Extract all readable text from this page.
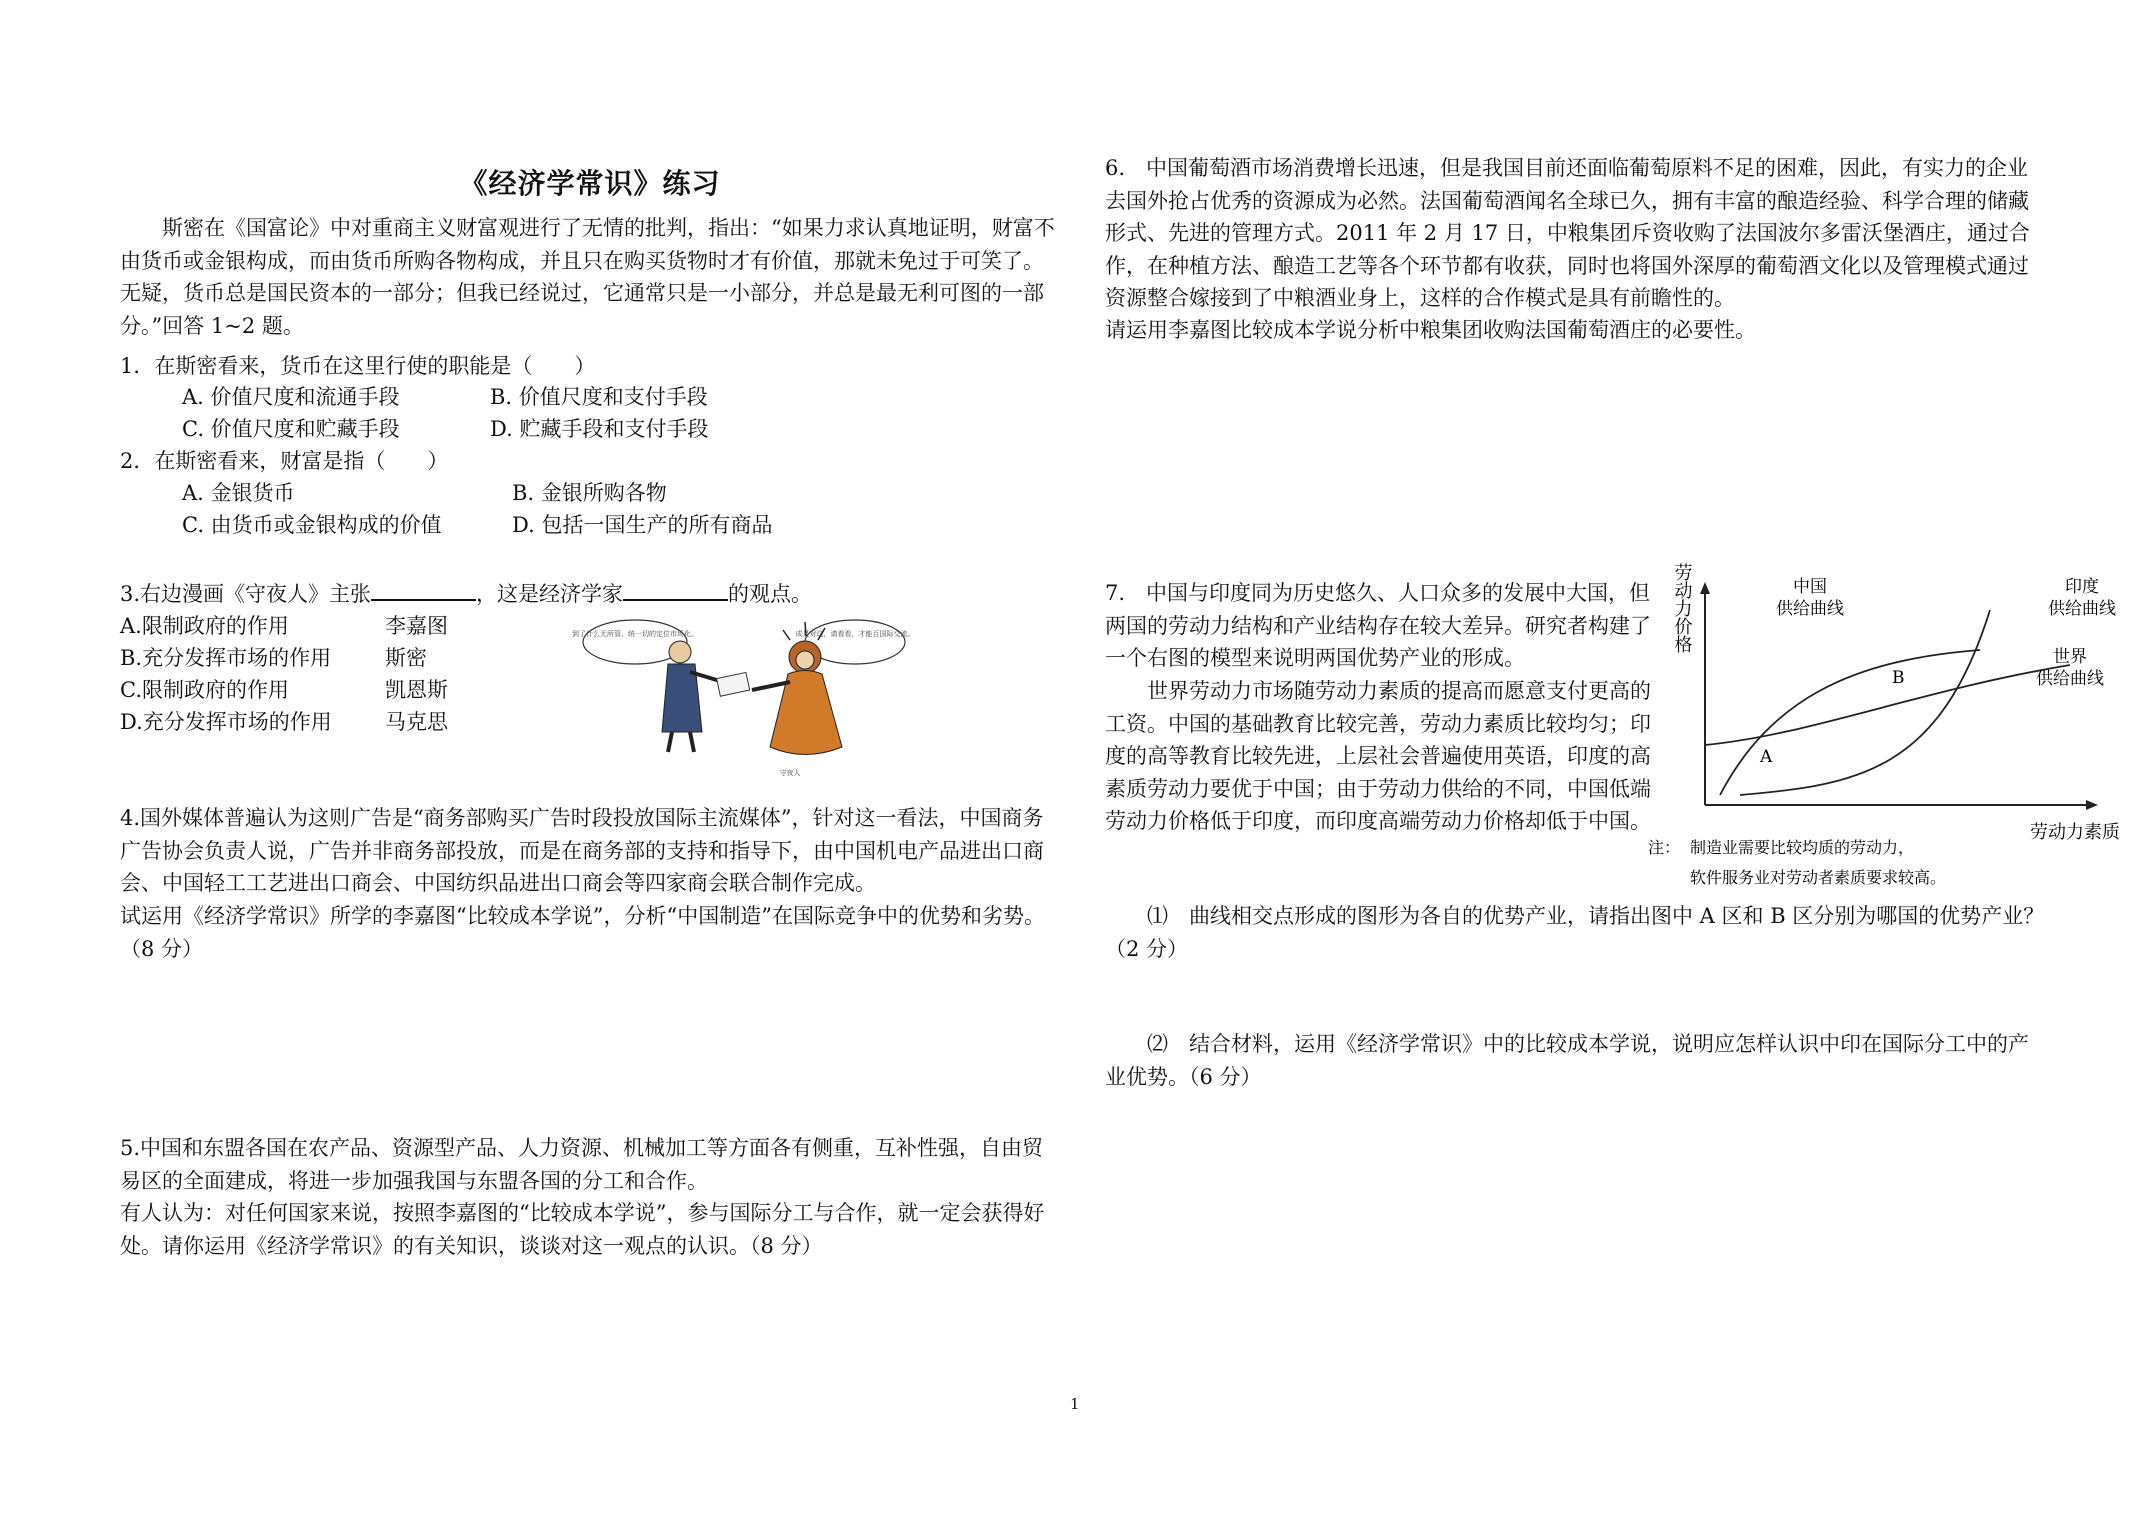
《经济学常识》练习

斯密在《国富论》中对重商主义财富观进行了无情的批判，指出：“如果力求认真地证明，财富不由货币或金银构成，而由货币所购各物构成，并且只在购买货物时才有价值，那就未免过于可笑了。无疑，货币总是国民资本的一部分；但我已经说过，它通常只是一小部分，并总是最无利可图的一部分。”回答 1~2 题。

1．在斯密看来，货币在这里行使的职能是（　　）
A. 价值尺度和流通手段	B. 价值尺度和支付手段
C. 价值尺度和贮藏手段	D. 贮藏手段和支付手段
2．在斯密看来，财富是指（　　）
A. 金银货币	B. 金银所购各物
C. 由货币或金银构成的价值	D. 包括一国生产的所有商品
3.右边漫画《守夜人》主张	，这是经济学家	的观点。
A.限制政府的作用	李嘉图
B.充分发挥市场的作用	斯密
C.限制政府的作用	凯恩斯
D.充分发挥市场的作用	马克思
到了什么无所管，统一切的定位市场化。	成是对这，请看看，才能百国际交流。
守夜人

4.国外媒体普遍认为这则广告是“商务部购买广告时段投放国际主流媒体”，针对这一看法，中国商务广告协会负责人说，广告并非商务部投放，而是在商务部的支持和指导下，由中国机电产品进出口商会、中国轻工工艺进出口商会、中国纺织品进出口商会等四家商会联合制作完成。

试运用《经济学常识》所学的李嘉图“比较成本学说”，分析“中国制造”在国际竞争中的优势和劣势。（8 分）

5.中国和东盟各国在农产品、资源型产品、人力资源、机械加工等方面各有侧重，互补性强，自由贸易区的全面建成，将进一步加强我国与东盟各国的分工和合作。

有人认为：对任何国家来说，按照李嘉图的“比较成本学说”，参与国际分工与合作，就一定会获得好处。请你运用《经济学常识》的有关知识，谈谈对这一观点的认识。（8 分）

6.　中国葡萄酒市场消费增长迅速，但是我国目前还面临葡萄原料不足的困难，因此，有实力的企业去国外抢占优秀的资源成为必然。法国葡萄酒闻名全球已久，拥有丰富的酿造经验、科学合理的储藏形式、先进的管理方式。2011 年 2 月 17 日，中粮集团斥资收购了法国波尔多雷沃堡酒庄，通过合作，在种植方法、酿造工艺等各个环节都有收获，同时也将国外深厚的葡萄酒文化以及管理模式通过资源整合嫁接到了中粮酒业身上，这样的合作模式是具有前瞻性的。

请运用李嘉图比较成本学说分析中粮集团收购法国葡萄酒庄的必要性。

7.　中国与印度同为历史悠久、人口众多的发展中大国，但两国的劳动力结构和产业结构存在较大差异。研究者构建了一个右图的模型来说明两国优势产业的形成。

世界劳动力市场随劳动力素质的提高而愿意支付更高的工资。中国的基础教育比较完善，劳动力素质比较均匀；印度的高等教育比较先进，上层社会普遍使用英语，印度的高素质劳动力要优于中国；由于劳动力供给的不同，中国低端劳动力价格低于印度，而印度高端劳动力价格却低于中国。

劳动力价格	中国
供给曲线
印度
供给曲线
世界
供给曲线
A
B
劳动力素质
注： 制造业需要比较均质的劳动力，
软件服务业对劳动者素质要求较高。

⑴　曲线相交点形成的图形为各自的优势产业，请指出图中 A 区和 B 区分别为哪国的优势产业？（2 分）

⑵　结合材料，运用《经济学常识》中的比较成本学说，说明应怎样认识中印在国际分工中的产业优势。（6 分）

1
